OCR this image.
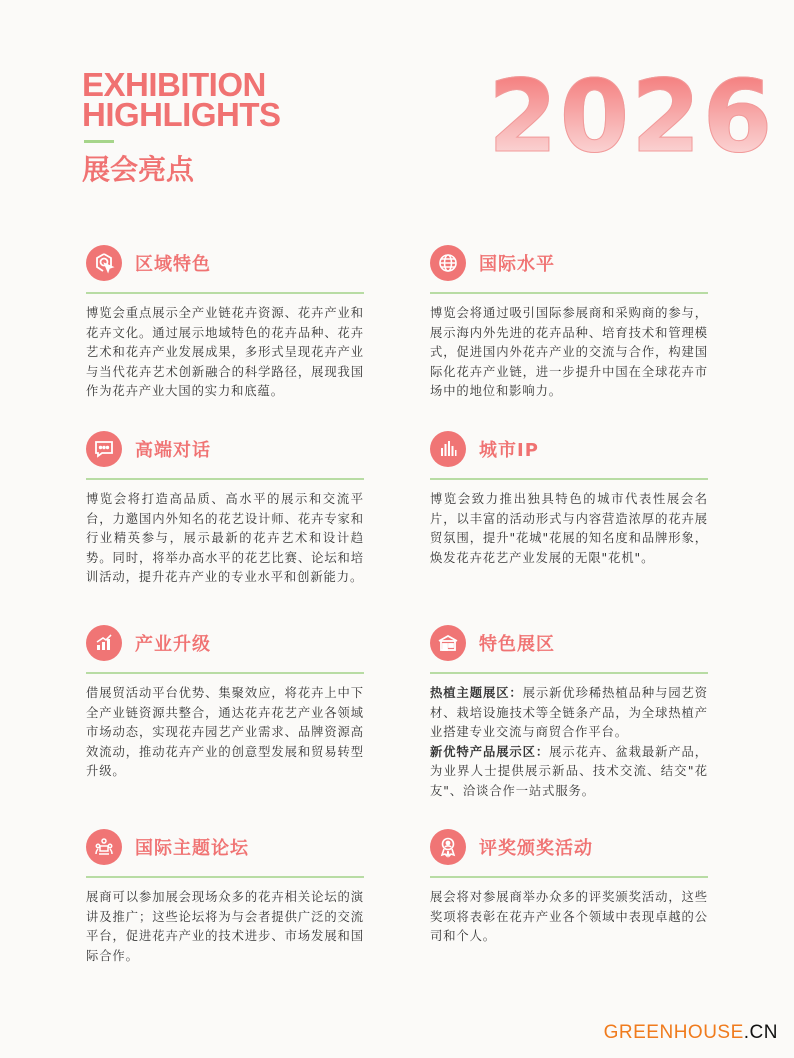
EXHIBITION
HIGHLIGHTS
展会亮点	2026
区域特色

博览会重点展示全产业链花卉资源、花卉产业和花卉文化。通过展示地域特色的花卉品种、花卉艺术和花卉产业发展成果，多形式呈现花卉产业与当代花卉艺术创新融合的科学路径，展现我国作为花卉产业大国的实力和底蕴。

国际水平

博览会将通过吸引国际参展商和采购商的参与，展示海内外先进的花卉品种、培育技术和管理模式，促进国内外花卉产业的交流与合作，构建国际化花卉产业链，进一步提升中国在全球花卉市场中的地位和影响力。

高端对话

博览会将打造高品质、高水平的展示和交流平台，力邀国内外知名的花艺设计师、花卉专家和行业精英参与，展示最新的花卉艺术和设计趋势。同时，将举办高水平的花艺比赛、论坛和培训活动，提升花卉产业的专业水平和创新能力。

城市IP

博览会致力推出独具特色的城市代表性展会名片，以丰富的活动形式与内容营造浓厚的花卉展贸氛围，提升"花城"花展的知名度和品牌形象，焕发花卉花艺产业发展的无限"花机"。

产业升级

借展贸活动平台优势、集聚效应，将花卉上中下全产业链资源共整合，通达花卉花艺产业各领域市场动态，实现花卉园艺产业需求、品牌资源高效流动，推动花卉产业的创意型发展和贸易转型升级。

特色展区

热植主题展区：展示新优珍稀热植品种与园艺资材、栽培设施技术等全链条产品，为全球热植产业搭建专业交流与商贸合作平台。

新优特产品展示区：展示花卉、盆栽最新产品，为业界人士提供展示新品、技术交流、结交"花友"、洽谈合作一站式服务。

国际主题论坛

展商可以参加展会现场众多的花卉相关论坛的演讲及推广；这些论坛将为与会者提供广泛的交流平台，促进花卉产业的技术进步、市场发展和国际合作。

评奖颁奖活动

展会将对参展商举办众多的评奖颁奖活动，这些奖项将表彰在花卉产业各个领域中表现卓越的公司和个人。

GREENHOUSE.CN
